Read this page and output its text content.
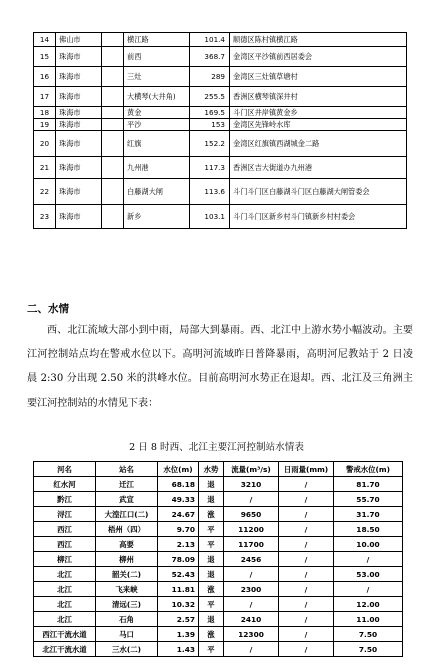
14	佛山市		横江路	101.4	顺德区陈村镇横江路
15	珠海市		前西	368.7	金湾区平沙镇前西居委会
16	珠海市		三灶	289	金湾区三灶镇草塘村
17	珠海市		大横琴(大井角)	255.5	香洲区横琴镇深井村
18	珠海市		黄金	169.5	斗门区井岸镇黄金乡
19	珠海市		平沙	153	金湾区先锋岭水库
20	珠海市		红旗	152.2	金湾区红旗镇西湖城金二路
21	珠海市		九州港	117.3	香洲区吉大街道办九州港
22	珠海市		白藤湖大闸	113.6	斗门斗门区白藤湖斗门区白藤湖大闸管委会
23	珠海市		新乡	103.1	斗门斗门区新乡村斗门镇新乡村村委会
二、水情
西、北江流域大部小到中雨，局部大到暴雨。西、北江中上游水势小幅波动。主要江河控制站点均在警戒水位以下。高明河流域昨日普降暴雨，高明河尼教站于 2 日凌晨 2:30 分出现 2.50 米的洪峰水位。目前高明河水势正在退却。西、北江及三角洲主要江河控制站的水情见下表：
2 日 8 时西、北江主要江河控制站水情表
河名	站名	水位(m)	水势	流量(m³/s)	日雨量(mm)	警戒水位(m)
红水河	迁江	68.18	退	3210	/	81.70
黔江	武宣	49.33	退	/	/	55.70
浔江	大湟江口(二)	24.67	涨	9650	/	31.70
西江	梧州（四）	9.70	平	11200	/	18.50
西江	高要	2.13	平	11700	/	10.00
柳江	柳州	78.09	退	2456	/	/
北江	韶关(二)	52.43	退	/	/	53.00
北江	飞来峡	11.81	涨	2300	/	/
北江	清远(三)	10.32	平	/	/	12.00
北江	石角	2.57	退	2410	/	11.00
西江干流水道	马口	1.39	涨	12300	/	7.50
北江干流水道	三水(二)	1.43	平	/	/	7.50
